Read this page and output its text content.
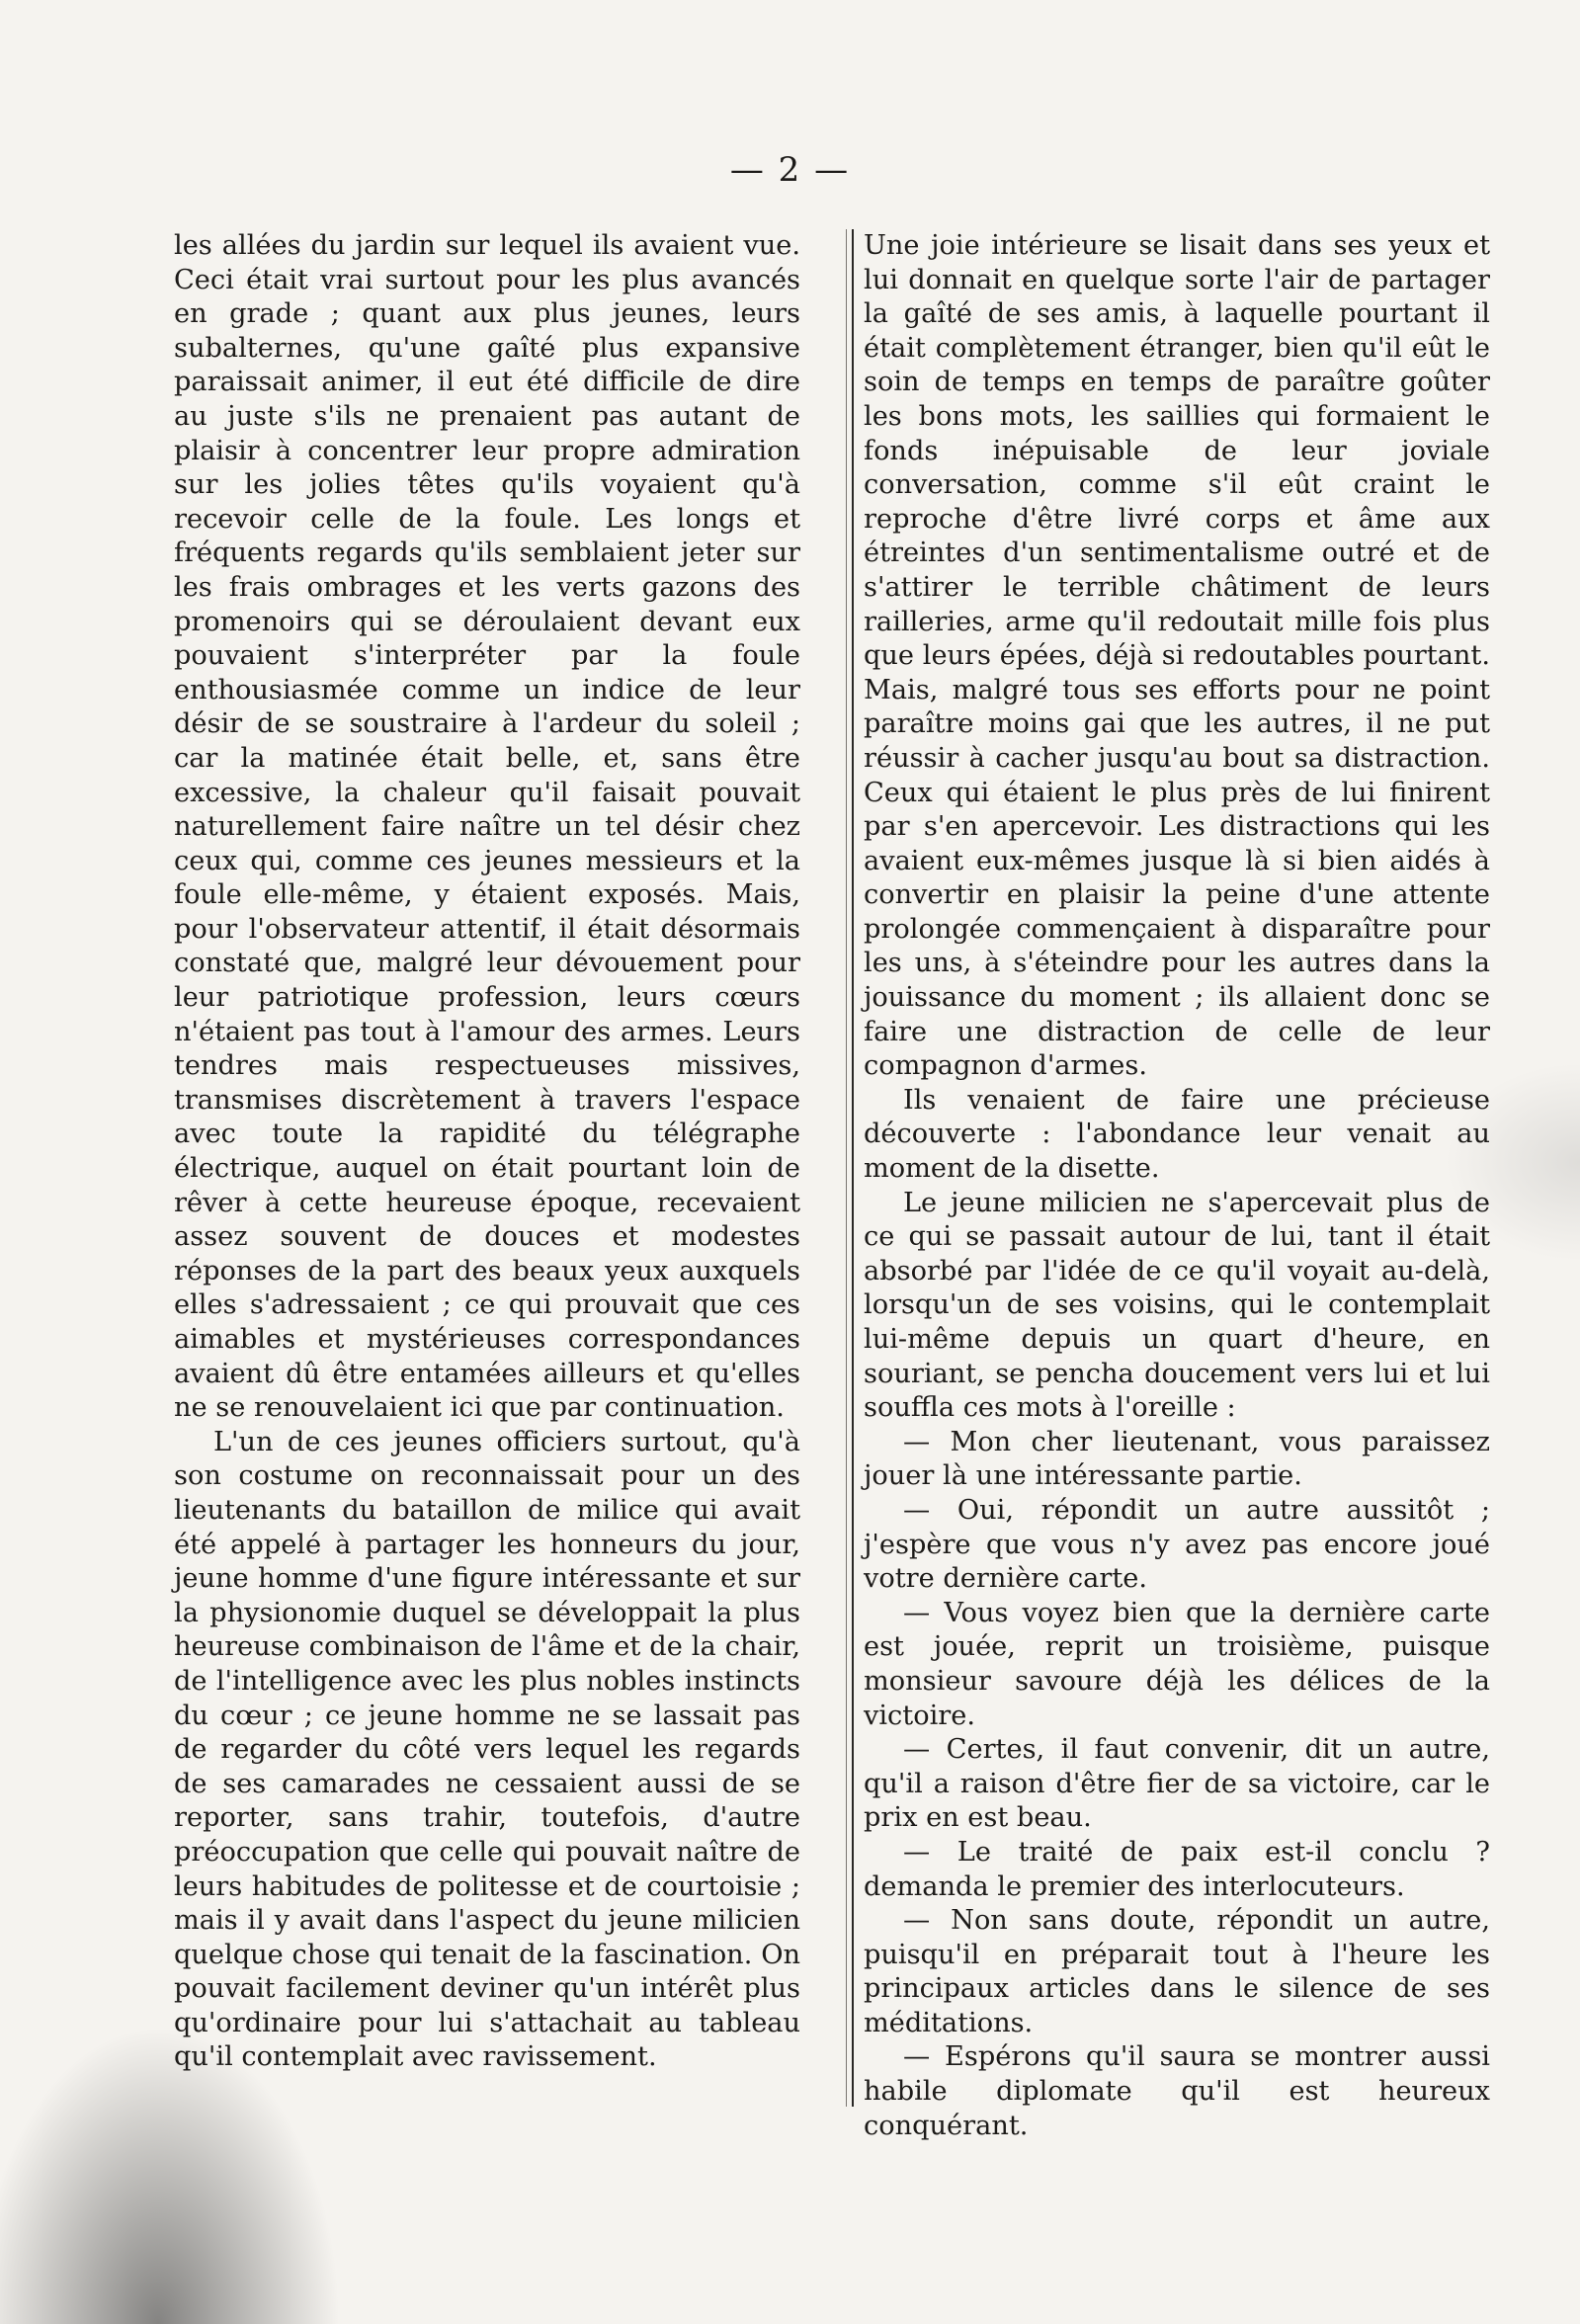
— 2 —

les allées du jardin sur lequel ils avaient vue. Ceci était vrai surtout pour les plus avancés en grade ; quant aux plus jeunes, leurs subalternes, qu'une gaîté plus expansive paraissait animer, il eut été difficile de dire au juste s'ils ne prenaient pas autant de plaisir à concentrer leur propre admiration sur les jolies têtes qu'ils voyaient qu'à recevoir celle de la foule. Les longs et fréquents regards qu'ils semblaient jeter sur les frais ombrages et les verts gazons des promenoirs qui se déroulaient devant eux pouvaient s'interpréter par la foule enthousiasmée comme un indice de leur désir de se soustraire à l'ardeur du soleil ; car la matinée était belle, et, sans être excessive, la chaleur qu'il faisait pouvait naturellement faire naître un tel désir chez ceux qui, comme ces jeunes messieurs et la foule elle-même, y étaient exposés. Mais, pour l'observateur attentif, il était désormais constaté que, malgré leur dévouement pour leur patriotique profession, leurs cœurs n'étaient pas tout à l'amour des armes. Leurs tendres mais respectueuses missives, transmises discrètement à travers l'espace avec toute la rapidité du télégraphe électrique, auquel on était pourtant loin de rêver à cette heureuse époque, recevaient assez souvent de douces et modestes réponses de la part des beaux yeux auxquels elles s'adressaient ; ce qui prouvait que ces aimables et mystérieuses correspondances avaient dû être entamées ailleurs et qu'elles ne se renouvelaient ici que par continuation.

L'un de ces jeunes officiers surtout, qu'à son costume on reconnaissait pour un des lieutenants du bataillon de milice qui avait été appelé à partager les honneurs du jour, jeune homme d'une figure intéressante et sur la physionomie duquel se développait la plus heureuse combinaison de l'âme et de la chair, de l'intelligence avec les plus nobles instincts du cœur ; ce jeune homme ne se lassait pas de regarder du côté vers lequel les regards de ses camarades ne cessaient aussi de se reporter, sans trahir, toutefois, d'autre préoccupation que celle qui pouvait naître de leurs habitudes de politesse et de courtoisie ; mais il y avait dans l'aspect du jeune milicien quelque chose qui tenait de la fascination. On pouvait facilement deviner qu'un intérêt plus qu'ordinaire pour lui s'attachait au tableau qu'il contemplait avec ravissement.

Une joie intérieure se lisait dans ses yeux et lui donnait en quelque sorte l'air de partager la gaîté de ses amis, à laquelle pourtant il était complètement étranger, bien qu'il eût le soin de temps en temps de paraître goûter les bons mots, les saillies qui formaient le fonds inépuisable de leur joviale conversation, comme s'il eût craint le reproche d'être livré corps et âme aux étreintes d'un sentimentalisme outré et de s'attirer le terrible châtiment de leurs railleries, arme qu'il redoutait mille fois plus que leurs épées, déjà si redoutables pourtant. Mais, malgré tous ses efforts pour ne point paraître moins gai que les autres, il ne put réussir à cacher jusqu'au bout sa distraction. Ceux qui étaient le plus près de lui finirent par s'en apercevoir. Les distractions qui les avaient eux-mêmes jusque là si bien aidés à convertir en plaisir la peine d'une attente prolongée commençaient à disparaître pour les uns, à s'éteindre pour les autres dans la jouissance du moment ; ils allaient donc se faire une distraction de celle de leur compagnon d'armes.

Ils venaient de faire une précieuse découverte : l'abondance leur venait au moment de la disette.

Le jeune milicien ne s'apercevait plus de ce qui se passait autour de lui, tant il était absorbé par l'idée de ce qu'il voyait au-delà, lorsqu'un de ses voisins, qui le contemplait lui-même depuis un quart d'heure, en souriant, se pencha doucement vers lui et lui souffla ces mots à l'oreille :

— Mon cher lieutenant, vous paraissez jouer là une intéressante partie.

— Oui, répondit un autre aussitôt ; j'espère que vous n'y avez pas encore joué votre dernière carte.

— Vous voyez bien que la dernière carte est jouée, reprit un troisième, puisque monsieur savoure déjà les délices de la victoire.

— Certes, il faut convenir, dit un autre, qu'il a raison d'être fier de sa victoire, car le prix en est beau.

— Le traité de paix est-il conclu ? demanda le premier des interlocuteurs.

— Non sans doute, répondit un autre, puisqu'il en préparait tout à l'heure les principaux articles dans le silence de ses méditations.

— Espérons qu'il saura se montrer aussi habile diplomate qu'il est heureux conquérant.
